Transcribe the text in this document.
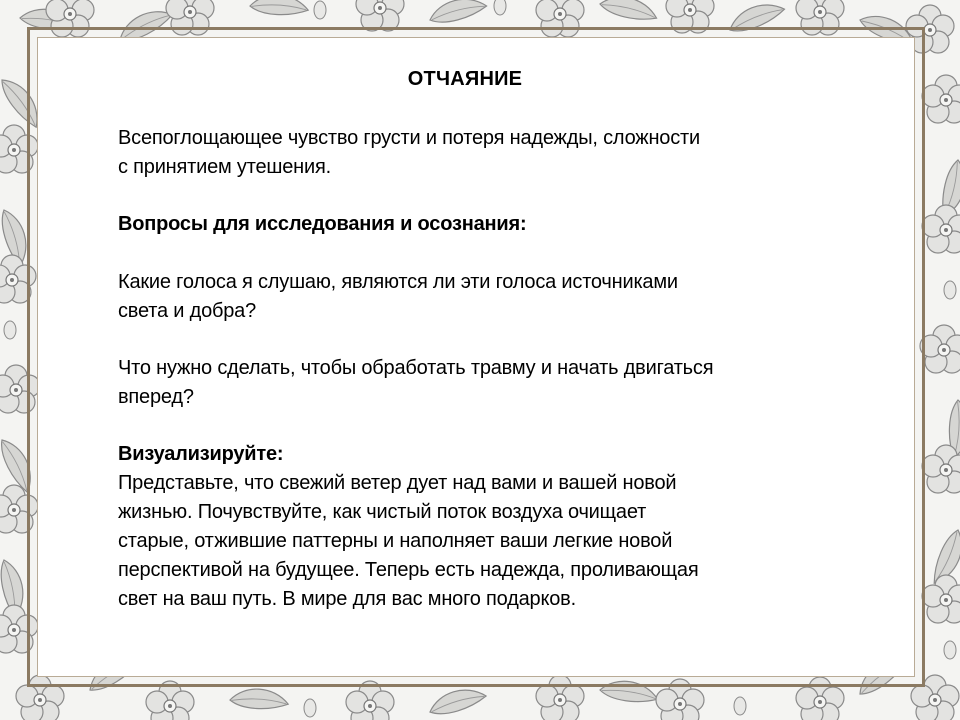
ОТЧАЯНИЕ
Всепоглощающее чувство грусти и потеря надежды, сложности
с принятием утешения.
Вопросы для исследования и осознания:
Какие голоса я слушаю, являются ли эти голоса источниками
света и добра?
Что нужно сделать, чтобы обработать травму и начать двигаться
вперед?
Визуализируйте:
Представьте, что свежий ветер дует над вами и вашей новой
жизнью. Почувствуйте, как чистый поток воздуха очищает
старые, отжившие паттерны и наполняет ваши легкие новой
перспективой на будущее. Теперь есть надежда, проливающая
свет на ваш путь. В мире для вас много подарков.
